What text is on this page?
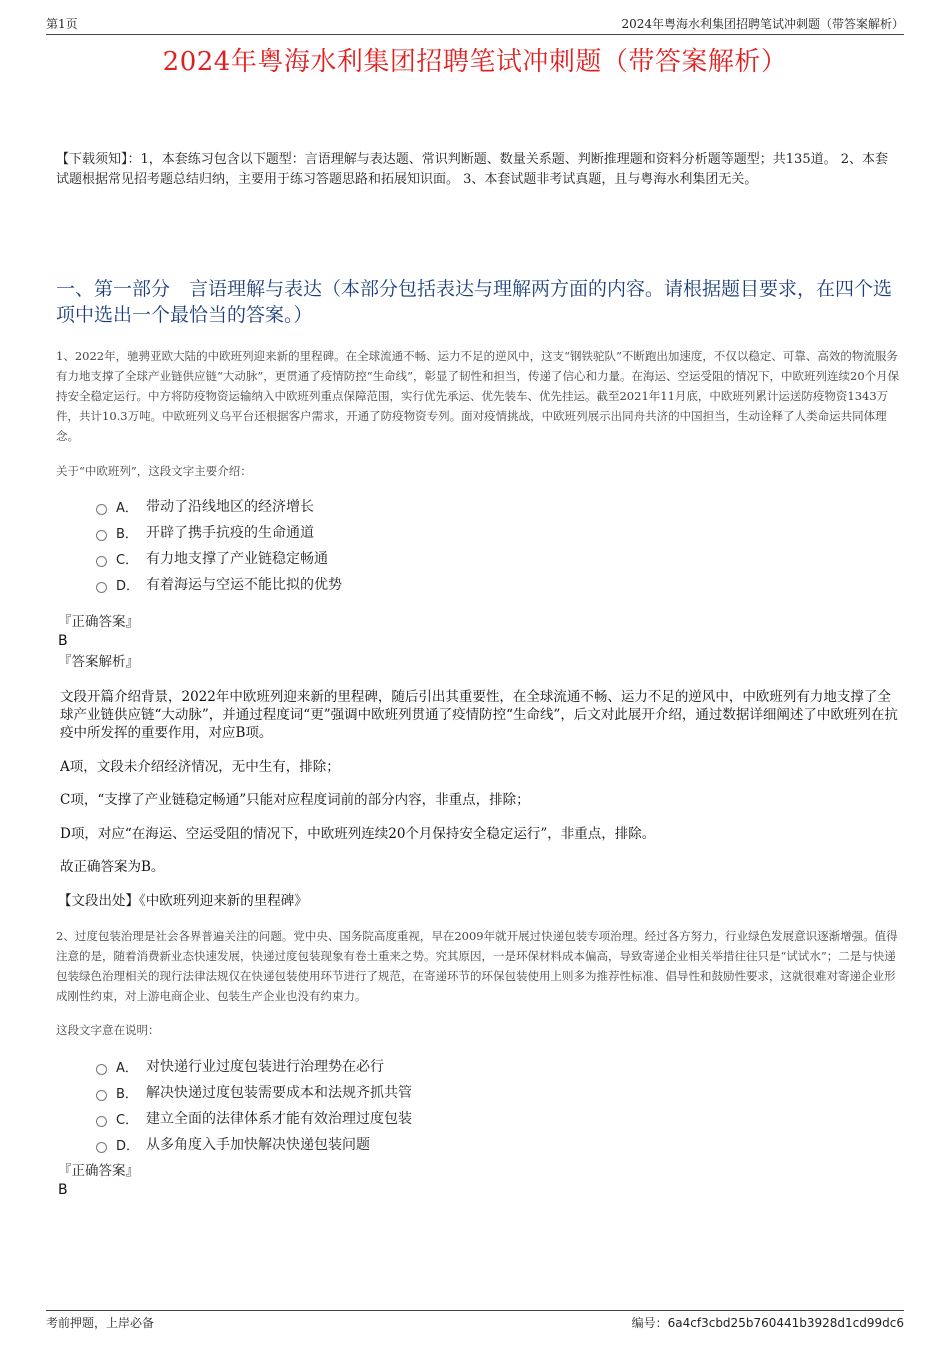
第1页	2024年粤海水利集团招聘笔试冲刺题（带答案解析）
2024年粤海水利集团招聘笔试冲刺题（带答案解析）
【下载须知】：1，本套练习包含以下题型：言语理解与表达题、常识判断题、数量关系题、判断推理题和资料分析题等题型；共135道。 2、本套试题根据常见招考题总结归纳，主要用于练习答题思路和拓展知识面。 3、本套试题非考试真题，且与粤海水利集团无关。
一、第一部分　言语理解与表达（本部分包括表达与理解两方面的内容。请根据题目要求，在四个选项中选出一个最恰当的答案。）
1、2022年，驰骋亚欧大陆的中欧班列迎来新的里程碑。在全球流通不畅、运力不足的逆风中，这支“钢铁驼队”不断跑出加速度，不仅以稳定、可靠、高效的物流服务有力地支撑了全球产业链供应链“大动脉”，更贯通了疫情防控“生命线”，彰显了韧性和担当，传递了信心和力量。在海运、空运受阻的情况下，中欧班列连续20个月保持安全稳定运行。中方将防疫物资运输纳入中欧班列重点保障范围，实行优先承运、优先装车、优先挂运。截至2021年11月底，中欧班列累计运送防疫物资1343万件，共计10.3万吨。中欧班列义乌平台还根据客户需求，开通了防疫物资专列。面对疫情挑战，中欧班列展示出同舟共济的中国担当，生动诠释了人类命运共同体理念。
关于“中欧班列”，这段文字主要介绍：
A． 带动了沿线地区的经济增长
B． 开辟了携手抗疫的生命通道
C． 有力地支撑了产业链稳定畅通
D． 有着海运与空运不能比拟的优势
『正确答案』
B
『答案解析』
文段开篇介绍背景，2022年中欧班列迎来新的里程碑，随后引出其重要性，在全球流通不畅、运力不足的逆风中，中欧班列有力地支撑了全球产业链供应链“大动脉”，并通过程度词“更”强调中欧班列贯通了疫情防控“生命线”，后文对此展开介绍，通过数据详细阐述了中欧班列在抗疫中所发挥的重要作用，对应B项。
A项，文段未介绍经济情况，无中生有，排除；
C项，“支撑了产业链稳定畅通”只能对应程度词前的部分内容，非重点，排除；
D项，对应“在海运、空运受阻的情况下，中欧班列连续20个月保持安全稳定运行”，非重点，排除。
故正确答案为B。
【文段出处】《中欧班列迎来新的里程碑》
2、过度包装治理是社会各界普遍关注的问题。党中央、国务院高度重视，早在2009年就开展过快递包装专项治理。经过各方努力，行业绿色发展意识逐渐增强。值得注意的是，随着消费新业态快速发展，快递过度包装现象有卷土重来之势。究其原因，一是环保材料成本偏高，导致寄递企业相关举措往往只是“试试水”；二是与快递包装绿色治理相关的现行法律法规仅在快递包装使用环节进行了规范，在寄递环节的环保包装使用上则多为推荐性标准、倡导性和鼓励性要求，这就很难对寄递企业形成刚性约束，对上游电商企业、包装生产企业也没有约束力。
这段文字意在说明：
A． 对快递行业过度包装进行治理势在必行
B． 解决快递过度包装需要成本和法规齐抓共管
C． 建立全面的法律体系才能有效治理过度包装
D． 从多角度入手加快解决快递包装问题
『正确答案』
B
考前押题，上岸必备	编号：6a4cf3cbd25b760441b3928d1cd99dc6
